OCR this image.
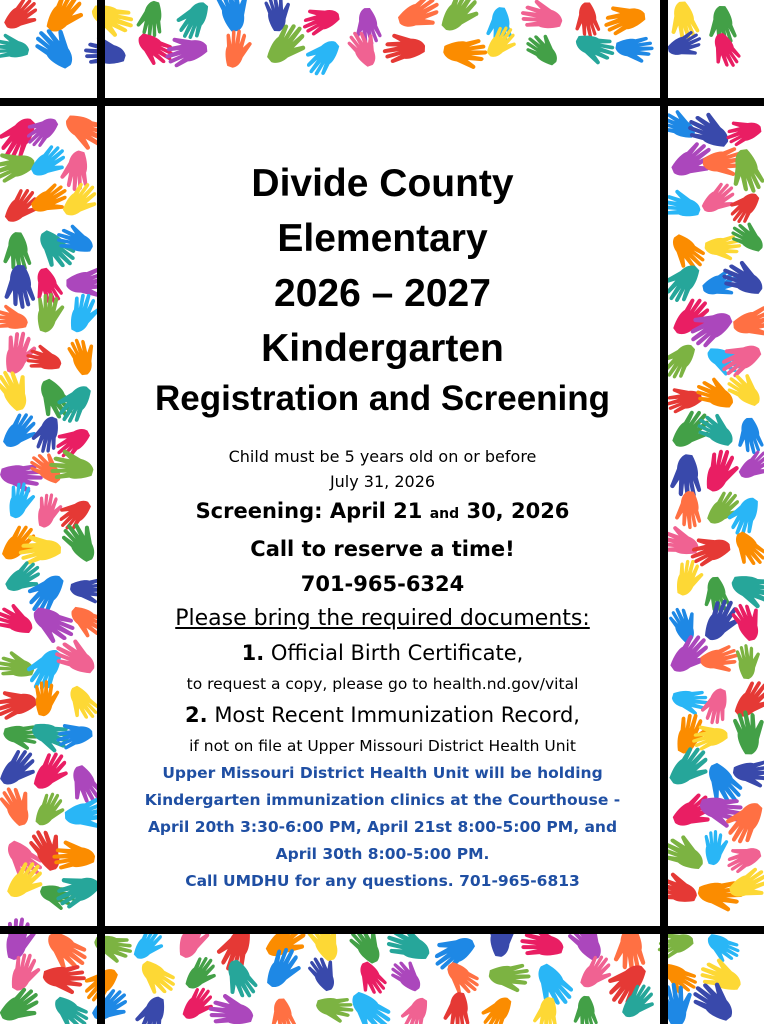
Divide County

Elementary

2026 – 2027

Kindergarten

Registration and Screening

Child must be 5 years old on or before

July 31, 2026

Screening: April 21 and 30, 2026

Call to reserve a time!

701-965-6324

Please bring the required documents:

1. Official Birth Certificate,

to request a copy, please go to health.nd.gov/vital

2. Most Recent Immunization Record,

if not on file at Upper Missouri District Health Unit

Upper Missouri District Health Unit will be holding

Kindergarten immunization clinics at the Courthouse -

April 20th 3:30-6:00 PM, April 21st 8:00-5:00 PM, and

April 30th 8:00-5:00 PM.

Call UMDHU for any questions. 701-965-6813
